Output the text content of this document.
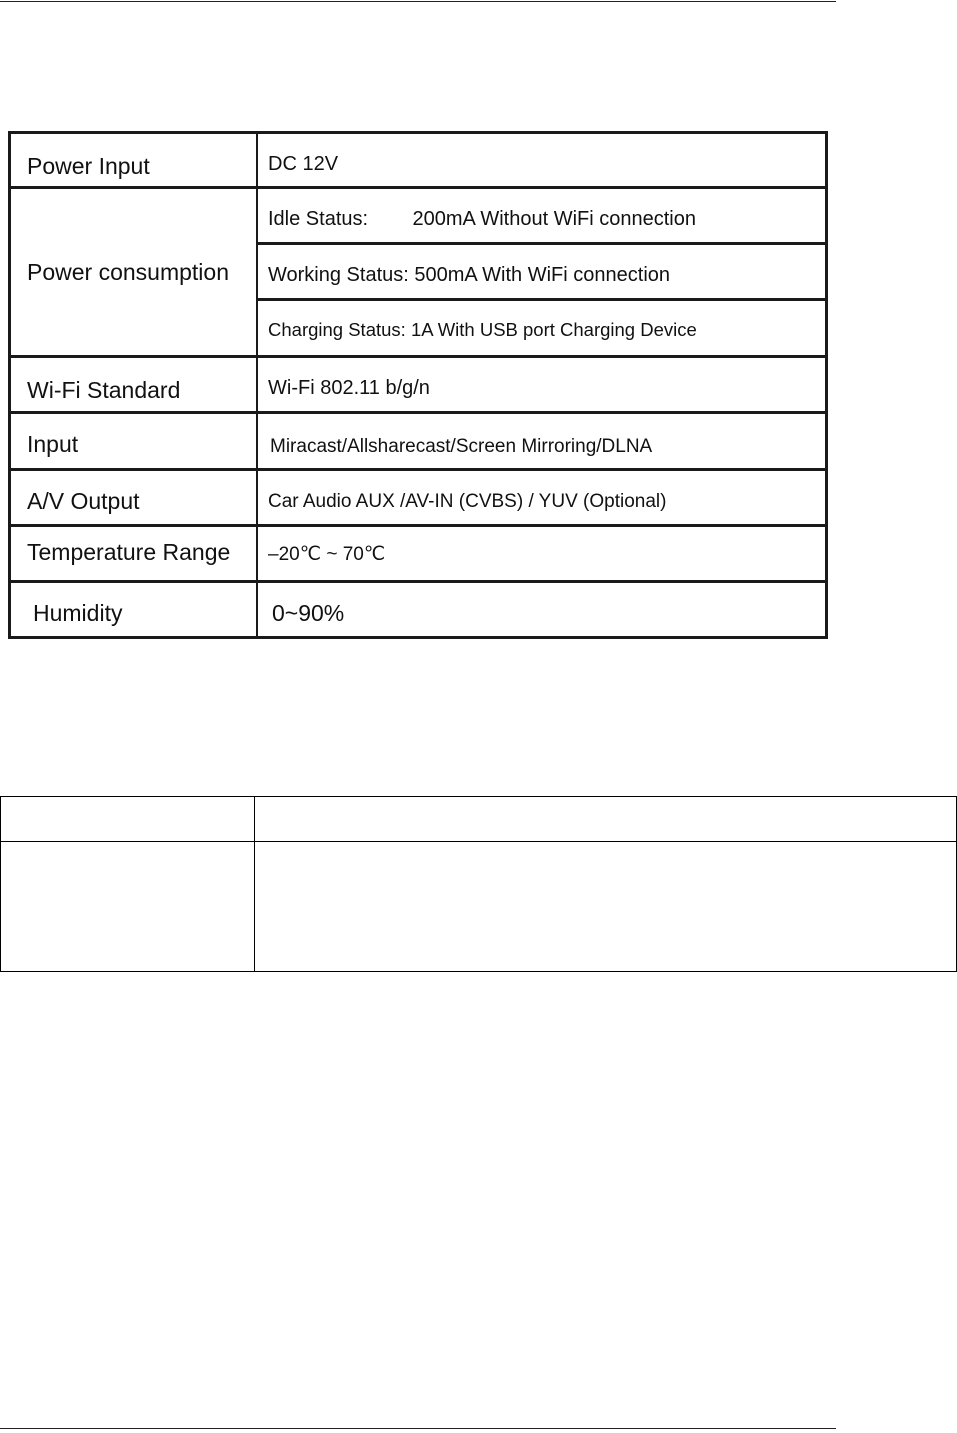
Power Input	DC 12V
Power consumption
Idle Status:        200mA Without WiFi connection
Working Status: 500mA With WiFi connection
Charging Status: 1A With USB port Charging Device
Wi-Fi Standard	Wi-Fi 802.11 b/g/n
Input	Miracast/Allsharecast/Screen Mirroring/DLNA
A/V Output	Car Audio AUX /AV-IN (CVBS) / YUV (Optional)
Temperature Range –20℃ ~ 70℃
Humidity	0~90%
